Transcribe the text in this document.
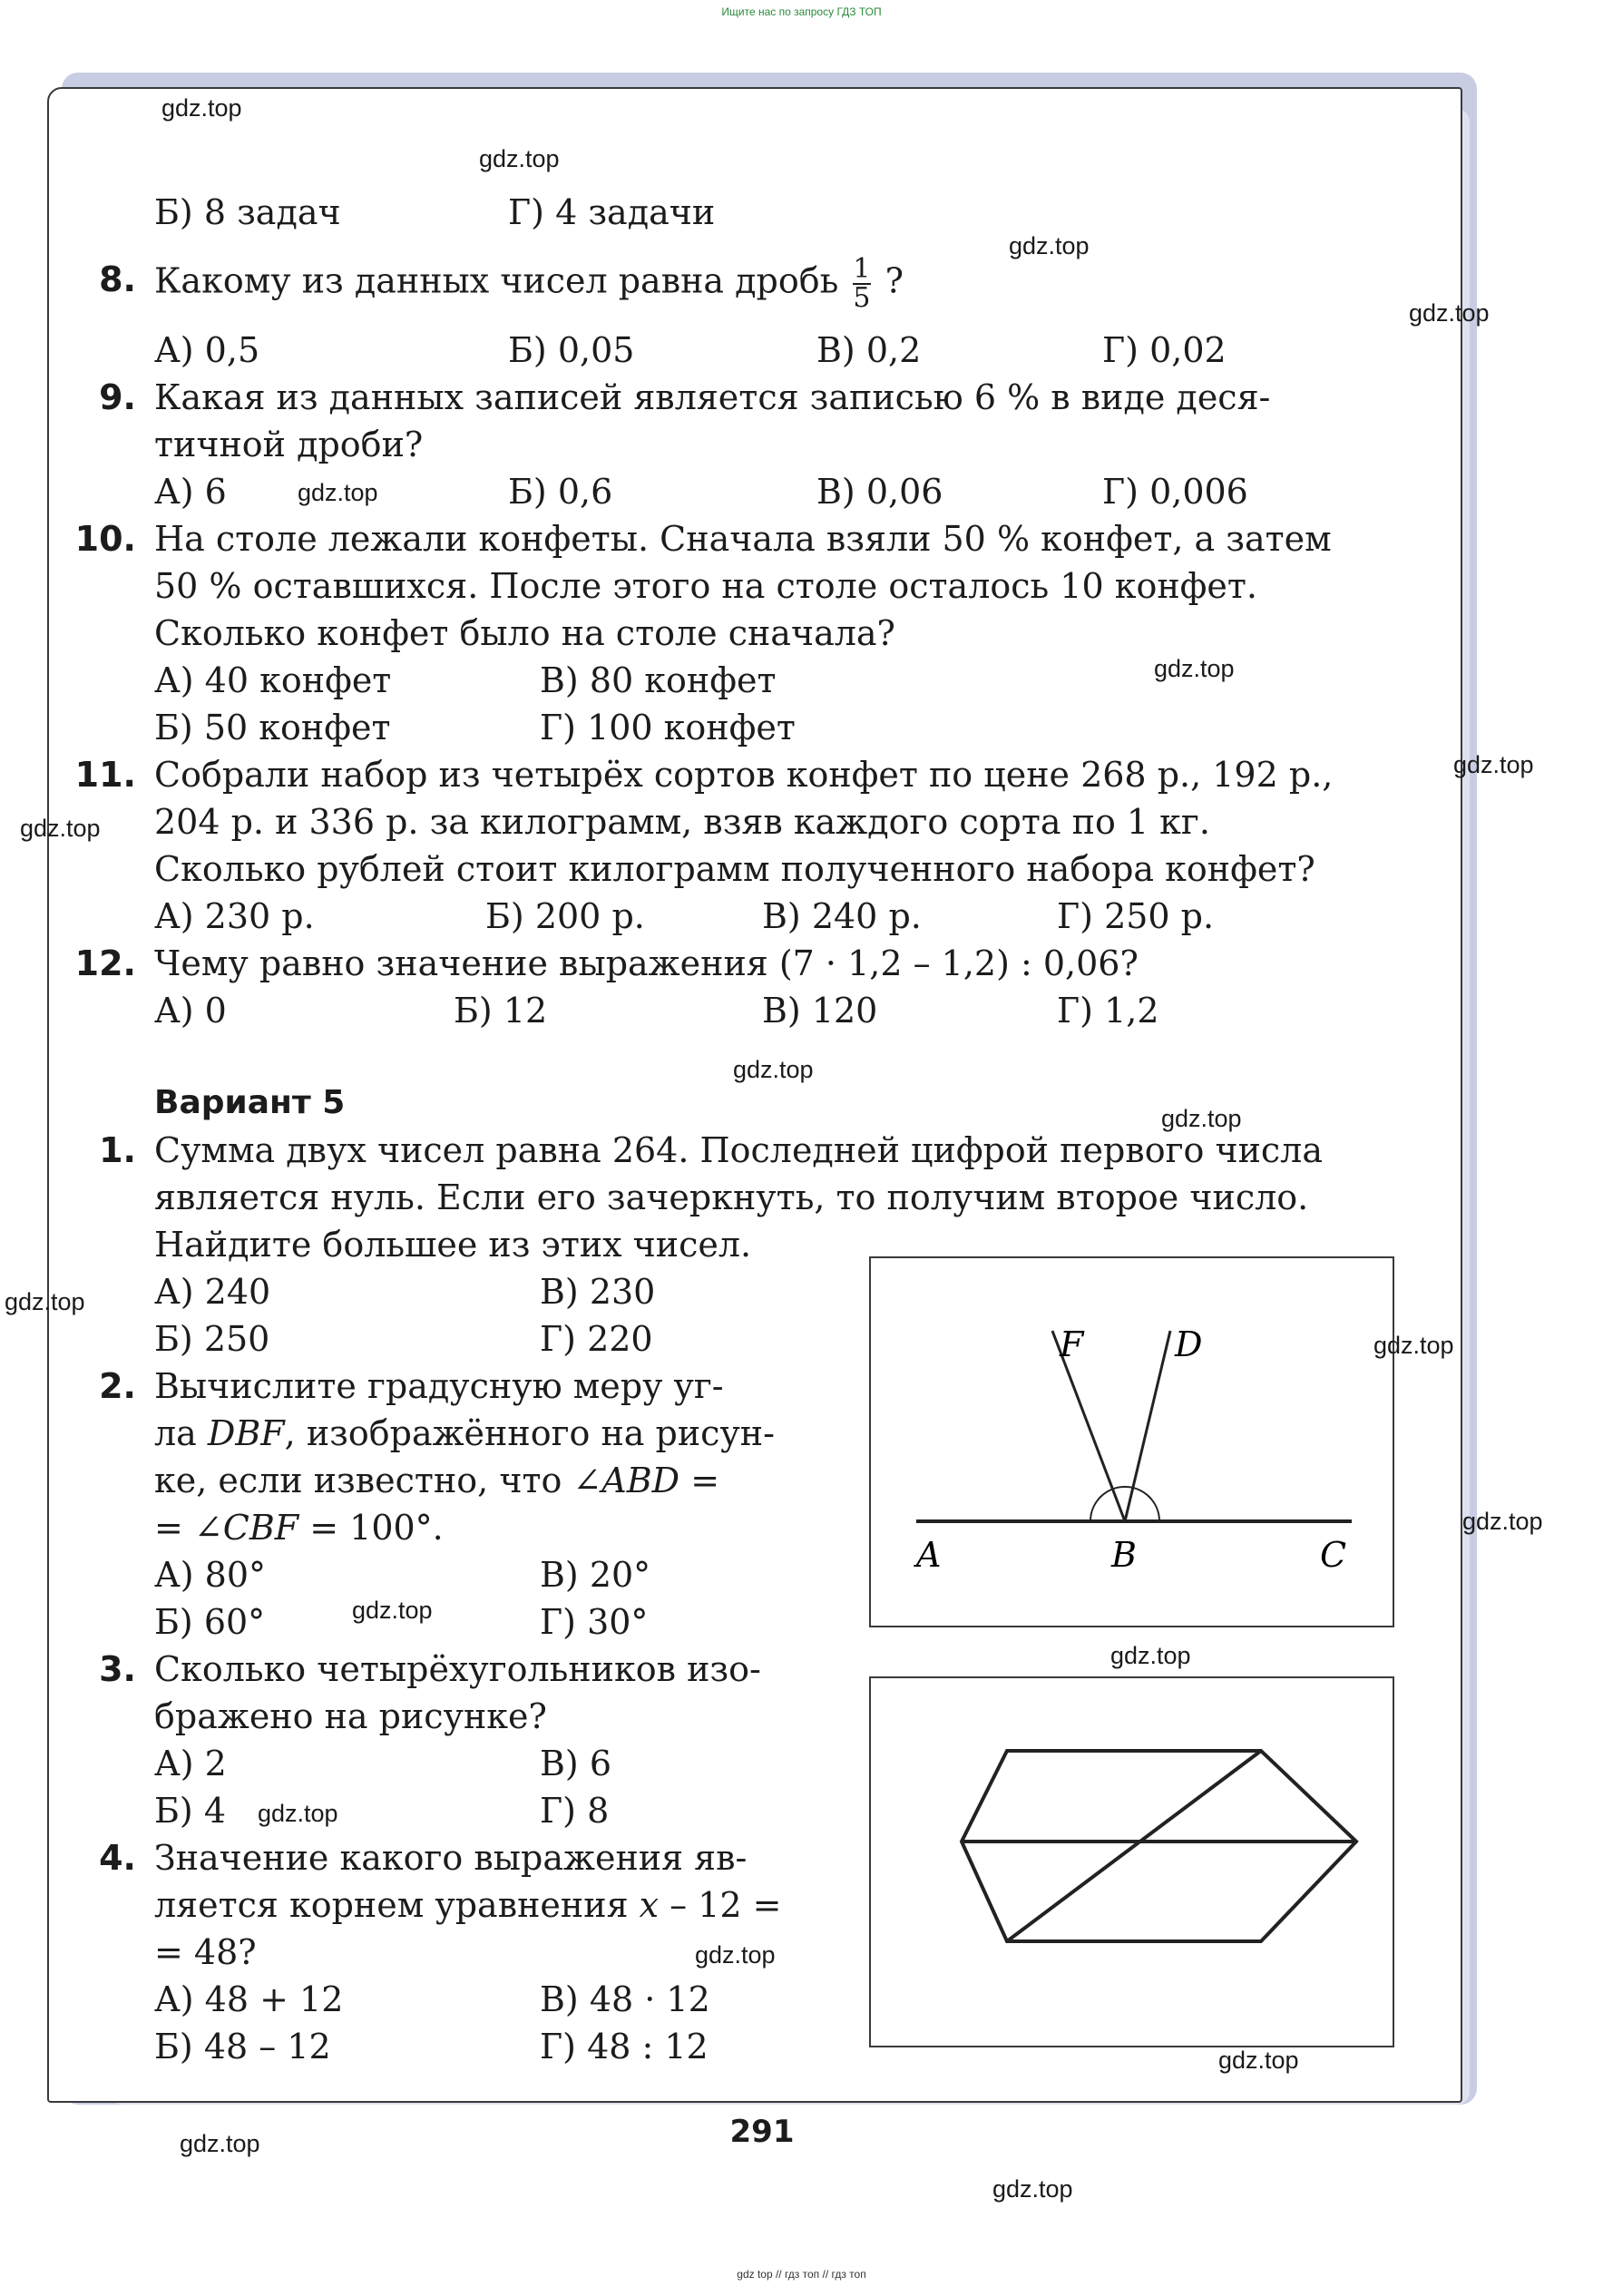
Ищите нас по запросу ГДЗ ТОП
Б) 8 задач	Г) 4 задачи
8. Какому из данных чисел равна дробь $\frac{1}{5}$ ?
А) 0,5	Б) 0,05	В) 0,2	Г) 0,02
9. Какая из данных записей является записью 6 % в виде деся-
тичной дроби?
А) 6	Б) 0,6	В) 0,06	Г) 0,006
10. На столе лежали конфеты. Сначала взяли 50 % конфет, а затем
50 % оставшихся. После этого на столе осталось 10 конфет.
Сколько конфет было на столе сначала?
А) 40 конфет	В) 80 конфет
Б) 50 конфет	Г) 100 конфет
11. Собрали набор из четырёх сортов конфет по цене 268 р., 192 р.,
204 р. и 336 р. за килограмм, взяв каждого сорта по 1 кг.
Сколько рублей стоит килограмм полученного набора конфет?
А) 230 р.	Б) 200 р.	В) 240 р.	Г) 250 р.
12. Чему равно значение выражения (7 · 1,2 – 1,2) : 0,06?
А) 0	Б) 12	В) 120	Г) 1,2
Вариант 5
1. Сумма двух чисел равна 264. Последней цифрой первого числа
является нуль. Если его зачеркнуть, то получим второе число.
Найдите большее из этих чисел.
А) 240	В) 230
Б) 250	Г) 220
2. Вычислите градусную меру уг-
ла DBF, изображённого на рисун-
ке, если известно, что ∠ABD =
= ∠CBF = 100°.
А) 80°	В) 20°
Б) 60°	Г) 30°
A	B	C
D
F
3. Сколько четырёхугольников изо-
бражено на рисунке?
А) 2	В) 6
Б) 4	Г) 8
4. Значение какого выражения яв-
ляется корнем уравнения x – 12 =
= 48?
А) 48 + 12	В) 48 · 12
Б) 48 – 12	Г) 48 : 12
291
gdz.top
gdz.top
gdz.top
gdz.top
gdz.top
gdz.top
gdz.top
gdz.top
gdz.top
gdz.top
gdz.top
gdz.top
gdz.top
gdz.top
gdz.top
gdz.top
gdz.top
gdz.top
gdz.top
gdz.top
gdz top // гдз топ // гдз топ
